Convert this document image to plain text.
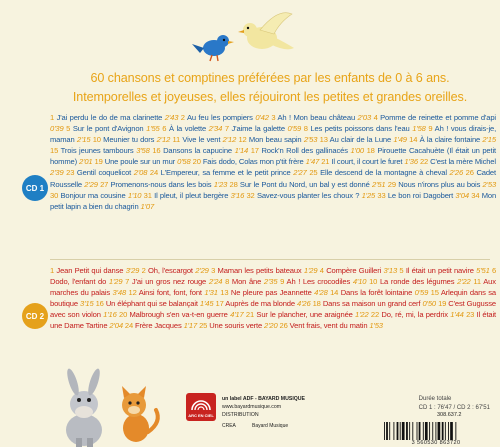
60 chansons et comptines préférées par les enfants de 0 à 6 ans.
Intemporelles et joyeuses, elles réjouiront les petites et grandes oreilles.
CD 1
1 J'ai perdu le do de ma clarinette 2'43 2 Au feu les pompiers 0'42 3 Ah ! Mon beau château 2'03 4 Pomme de reinette et pomme d'api 0'39 5 Sur le pont d'Avignon 1'55 6 À la volette 2'34 7 J'aime la galette 0'59 8 Les petits poissons dans l'eau 1'58 9 Ah ! vous dirais-je, maman 2'15 10 Meunier tu dors 2'12 11 Vive le vent 2'12 12 Mon beau sapin 2'53 13 Au clair de la Lune 1'49 14 À la claire fontaine 2'15 15 Trois jeunes tambours 3'58 16 Dansons la capucine 1'14 17 Rock'n Roll des gallinacés 1'00 18 Pirouette Cacahuète (Il était un petit homme) 2'01 19 Une poule sur un mur 0'58 20 Fais dodo, Colas mon p'tit frère 1'47 21 Il court, il court le furet 1'36 22 C'est la mère Michel 2'39 23 Gentil coquelicot 2'08 24 L'Empereur, sa femme et le petit prince 2'27 25 Elle descend de la montagne à cheval 2'26 26 Cadet Rousselle 2'29 27 Promenons-nous dans les bois 1'23 28 Sur le Pont du Nord, un bal y est donné 2'51 29 Nous n'irons plus au bois 2'53 30 Bonjour ma cousine 1'10 31 Il pleut, il pleut bergère 3'16 32 Savez-vous planter les choux ? 1'25 33 Le bon roi Dagobert 3'04 34 Mon petit lapin a bien du chagrin 1'07
CD 2
1 Jean Petit qui danse 3'29 2 Oh, l'escargot 2'29 3 Maman les petits bateaux 1'29 4 Compère Guilleri 3'13 5 Il était un petit navire 5'51 6 Dodo, l'enfant do 1'29 7 J'ai un gros nez rouge 2'24 8 Mon âne 2'35 9 Ah ! Les crocodiles 4'10 10 La ronde des légumes 2'22 11 Aux marches du palais 3'48 12 Ainsi font, font, font 1'31 13 Ne pleure pas Jeannette 4'28 14 Dans la forêt lointaine 0'59 15 Arlequin dans sa boutique 3'15 16 Un éléphant qui se balançait 1'45 17 Auprès de ma blonde 4'26 18 Dans sa maison un grand cerf 0'50 19 C'est Gugusse avec son violon 1'16 20 Malbrough s'en va-t-en guerre 4'17 21 Sur le plancher, une araignée 1'22 22 Do, ré, mi, la perdrix 1'44 23 Il était une Dame Tartine 2'04 24 Frère Jacques 1'17 25 Une souris verte 2'20 26 Vent frais, vent du matin 1'53
ARC EN CIEL
un label ADF - BAYARD MUSIQUE
www.bayardmusique.com
DISTRIBUTION
CREA	Bayard Musique
Durée totale
CD 1 : 76'47 / CD 2 : 67'51
308.637.2
3 560530 863720
